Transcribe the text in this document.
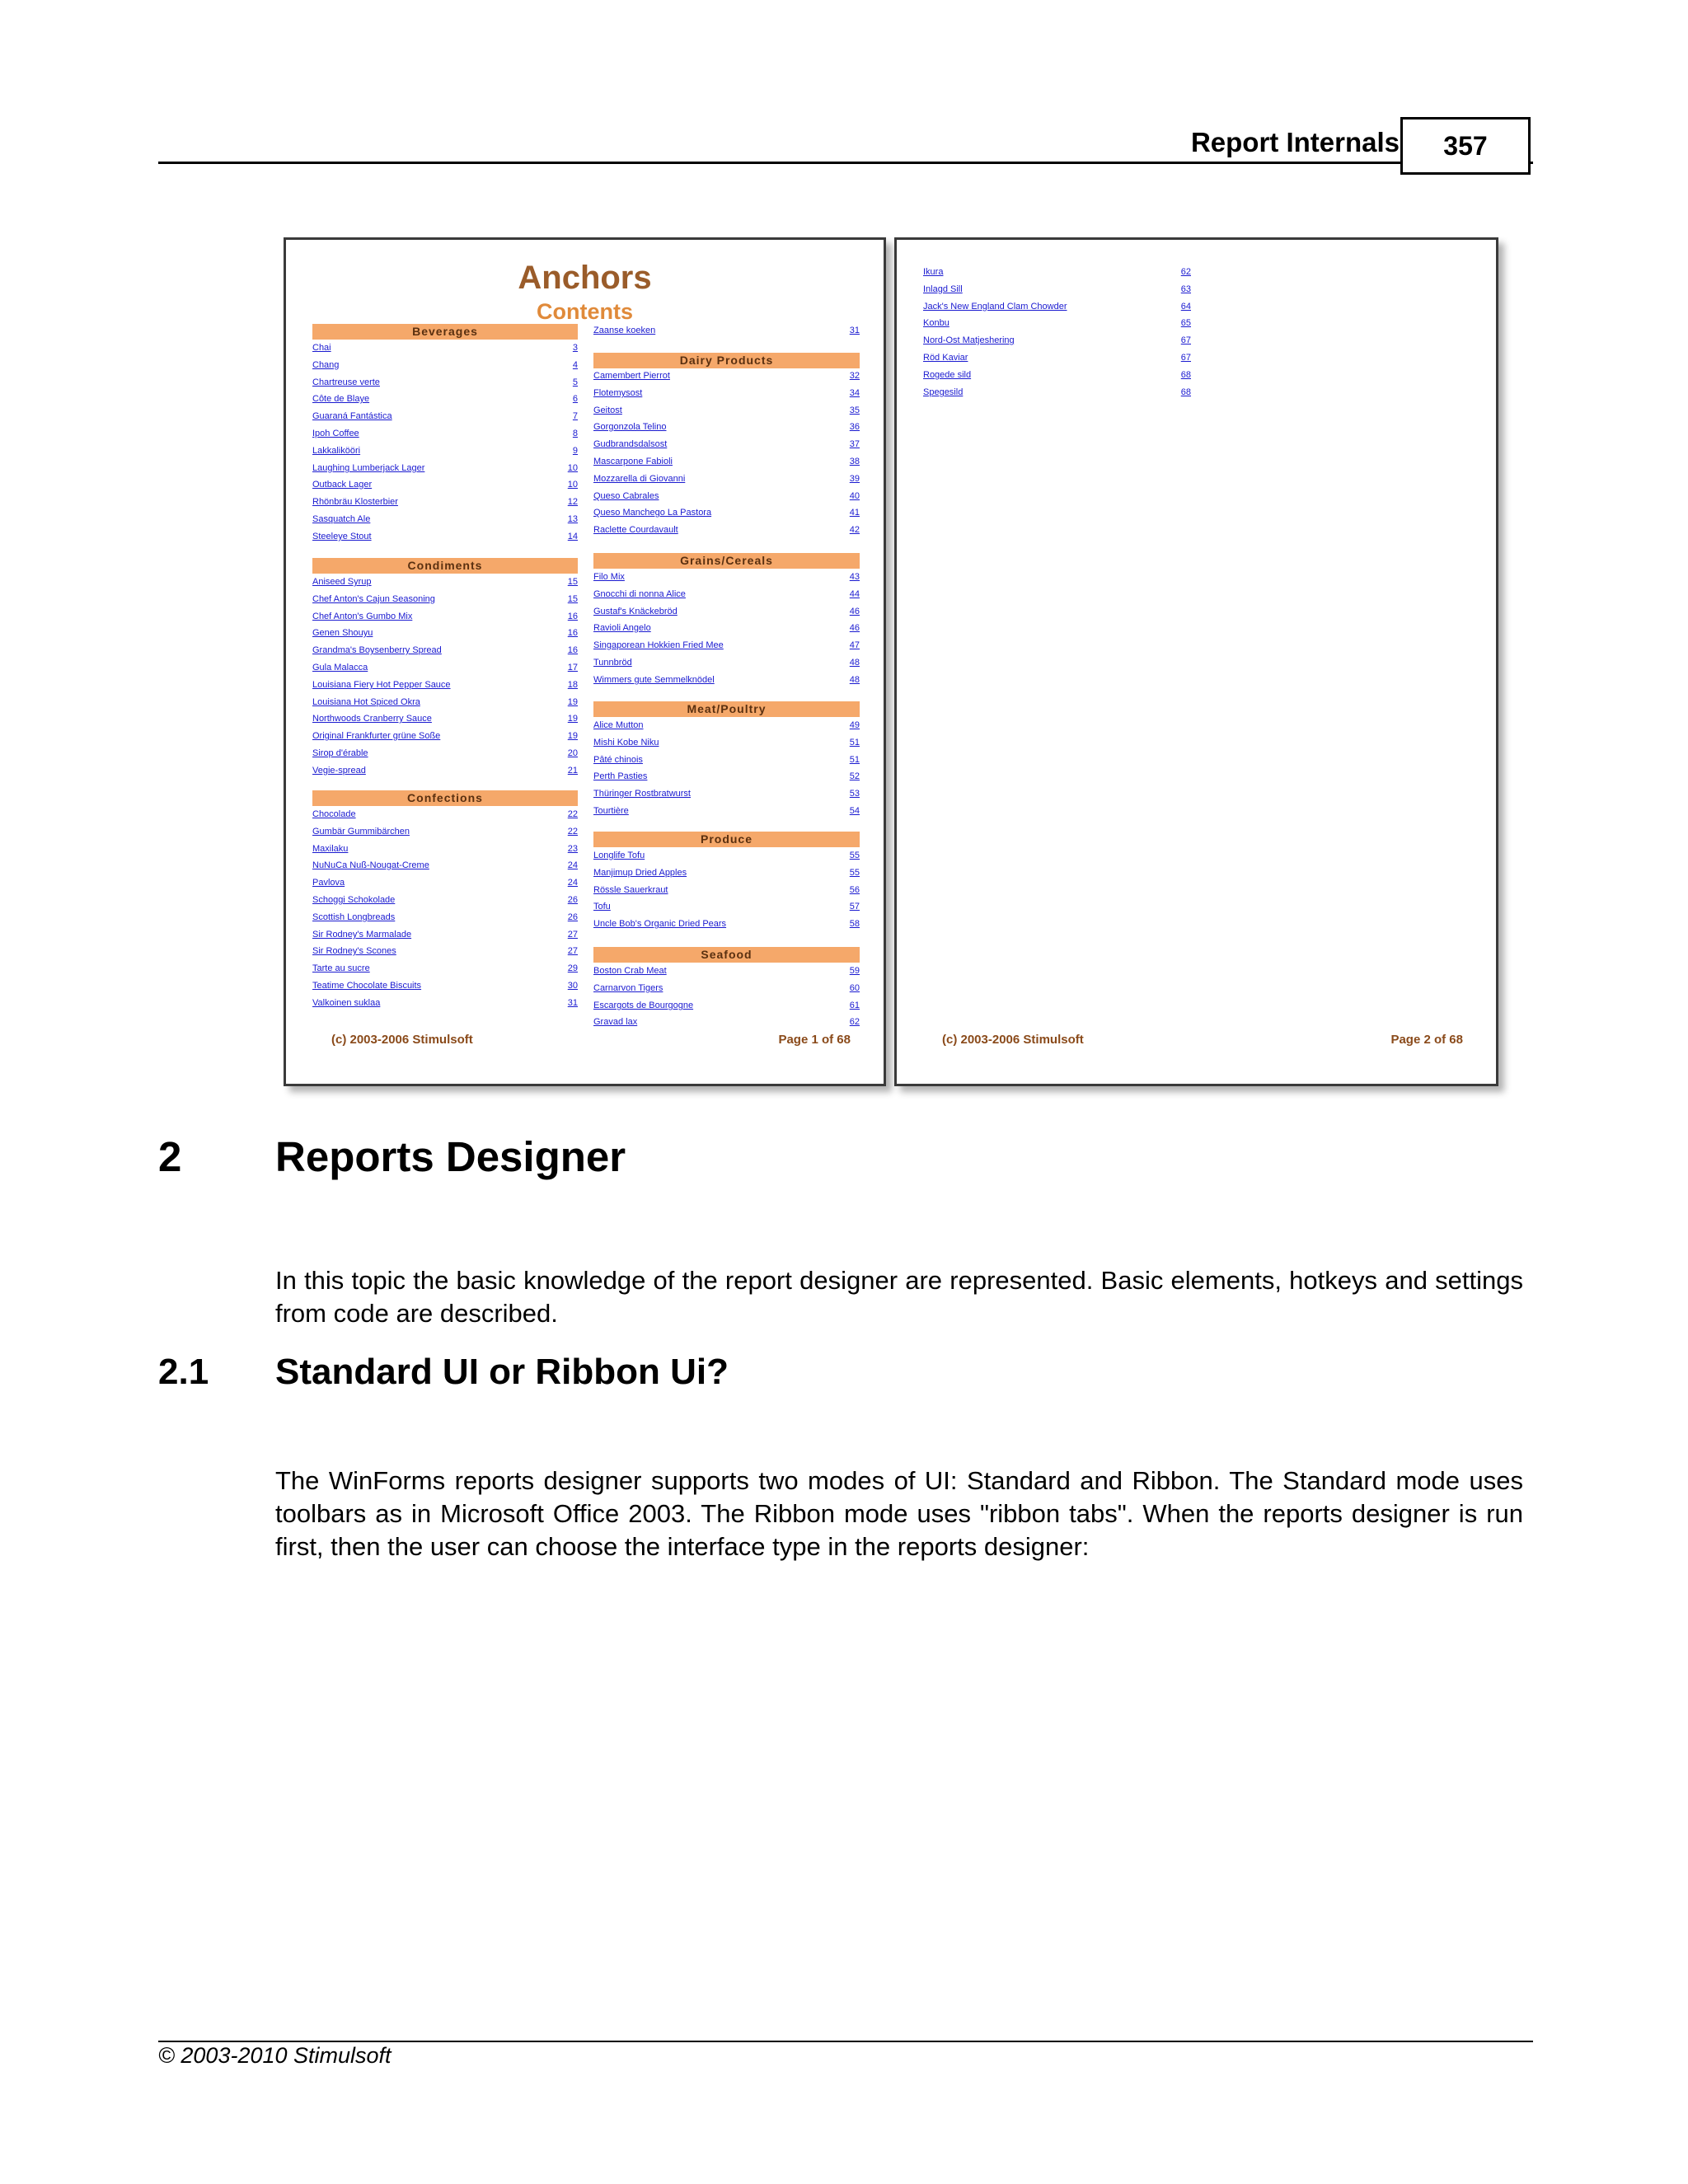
Report Internals 357
Anchors
Contents
Beverages
Condiments
Confections
Dairy Products
Grains/Cereals
Meat/Poultry
Produce
Seafood
(c) 2003-2006 Stimulsoft	Page 1 of 68
Chai	3
Chang	4
Chartreuse verte	5
Côte de Blaye	6
Guaraná Fantástica	7
Ipoh Coffee	8
Lakkalikööri	9
Laughing Lumberjack Lager	10
Outback Lager	10
Rhönbräu Klosterbier	12
Sasquatch Ale	13
Steeleye Stout	14
Aniseed Syrup	15
Chef Anton's Cajun Seasoning	15
Chef Anton's Gumbo Mix	16
Genen Shouyu	16
Grandma's Boysenberry Spread	16
Gula Malacca	17
Louisiana Fiery Hot Pepper Sauce	18
Louisiana Hot Spiced Okra	19
Northwoods Cranberry Sauce	19
Original Frankfurter grüne Soße	19
Sirop d'érable	20
Vegie-spread	21
Chocolade	22
Gumbär Gummibärchen	22
Maxilaku	23
NuNuCa Nuß-Nougat-Creme	24
Pavlova	24
Schoggi Schokolade	26
Scottish Longbreads	26
Sir Rodney's Marmalade	27
Sir Rodney's Scones	27
Tarte au sucre	29
Teatime Chocolate Biscuits	30
Valkoinen suklaa	31
Zaanse koeken	31
Camembert Pierrot	32
Flotemysost	34
Geitost	35
Gorgonzola Telino	36
Gudbrandsdalsost	37
Mascarpone Fabioli	38
Mozzarella di Giovanni	39
Queso Cabrales	40
Queso Manchego La Pastora	41
Raclette Courdavault	42
Filo Mix	43
Gnocchi di nonna Alice	44
Gustaf's Knäckebröd	46
Ravioli Angelo	46
Singaporean Hokkien Fried Mee	47
Tunnbröd	48
Wimmers gute Semmelknödel	48
Alice Mutton	49
Mishi Kobe Niku	51
Pâté chinois	51
Perth Pasties	52
Thüringer Rostbratwurst	53
Tourtière	54
Longlife Tofu	55
Manjimup Dried Apples	55
Rössle Sauerkraut	56
Tofu	57
Uncle Bob's Organic Dried Pears	58
Boston Crab Meat	59
Carnarvon Tigers	60
Escargots de Bourgogne	61
Gravad lax	62
(c) 2003-2006 Stimulsoft	Page 2 of 68
Ikura	62
Inlagd Sill	63
Jack's New England Clam Chowder	64
Konbu	65
Nord-Ost Matjeshering	67
Röd Kaviar	67
Rogede sild	68
Spegesild	68
2 Reports Designer
In this topic the basic knowledge of the report designer are represented. Basic elements, hotkeys and settings from code are described.
2.1 Standard UI or Ribbon Ui?
The WinForms reports designer supports two modes of UI: Standard and Ribbon. The Standard mode uses toolbars as in Microsoft Office 2003. The Ribbon mode uses "ribbon tabs". When the reports designer is run first, then the user can choose the interface type in the reports designer:
© 2003-2010 Stimulsoft
